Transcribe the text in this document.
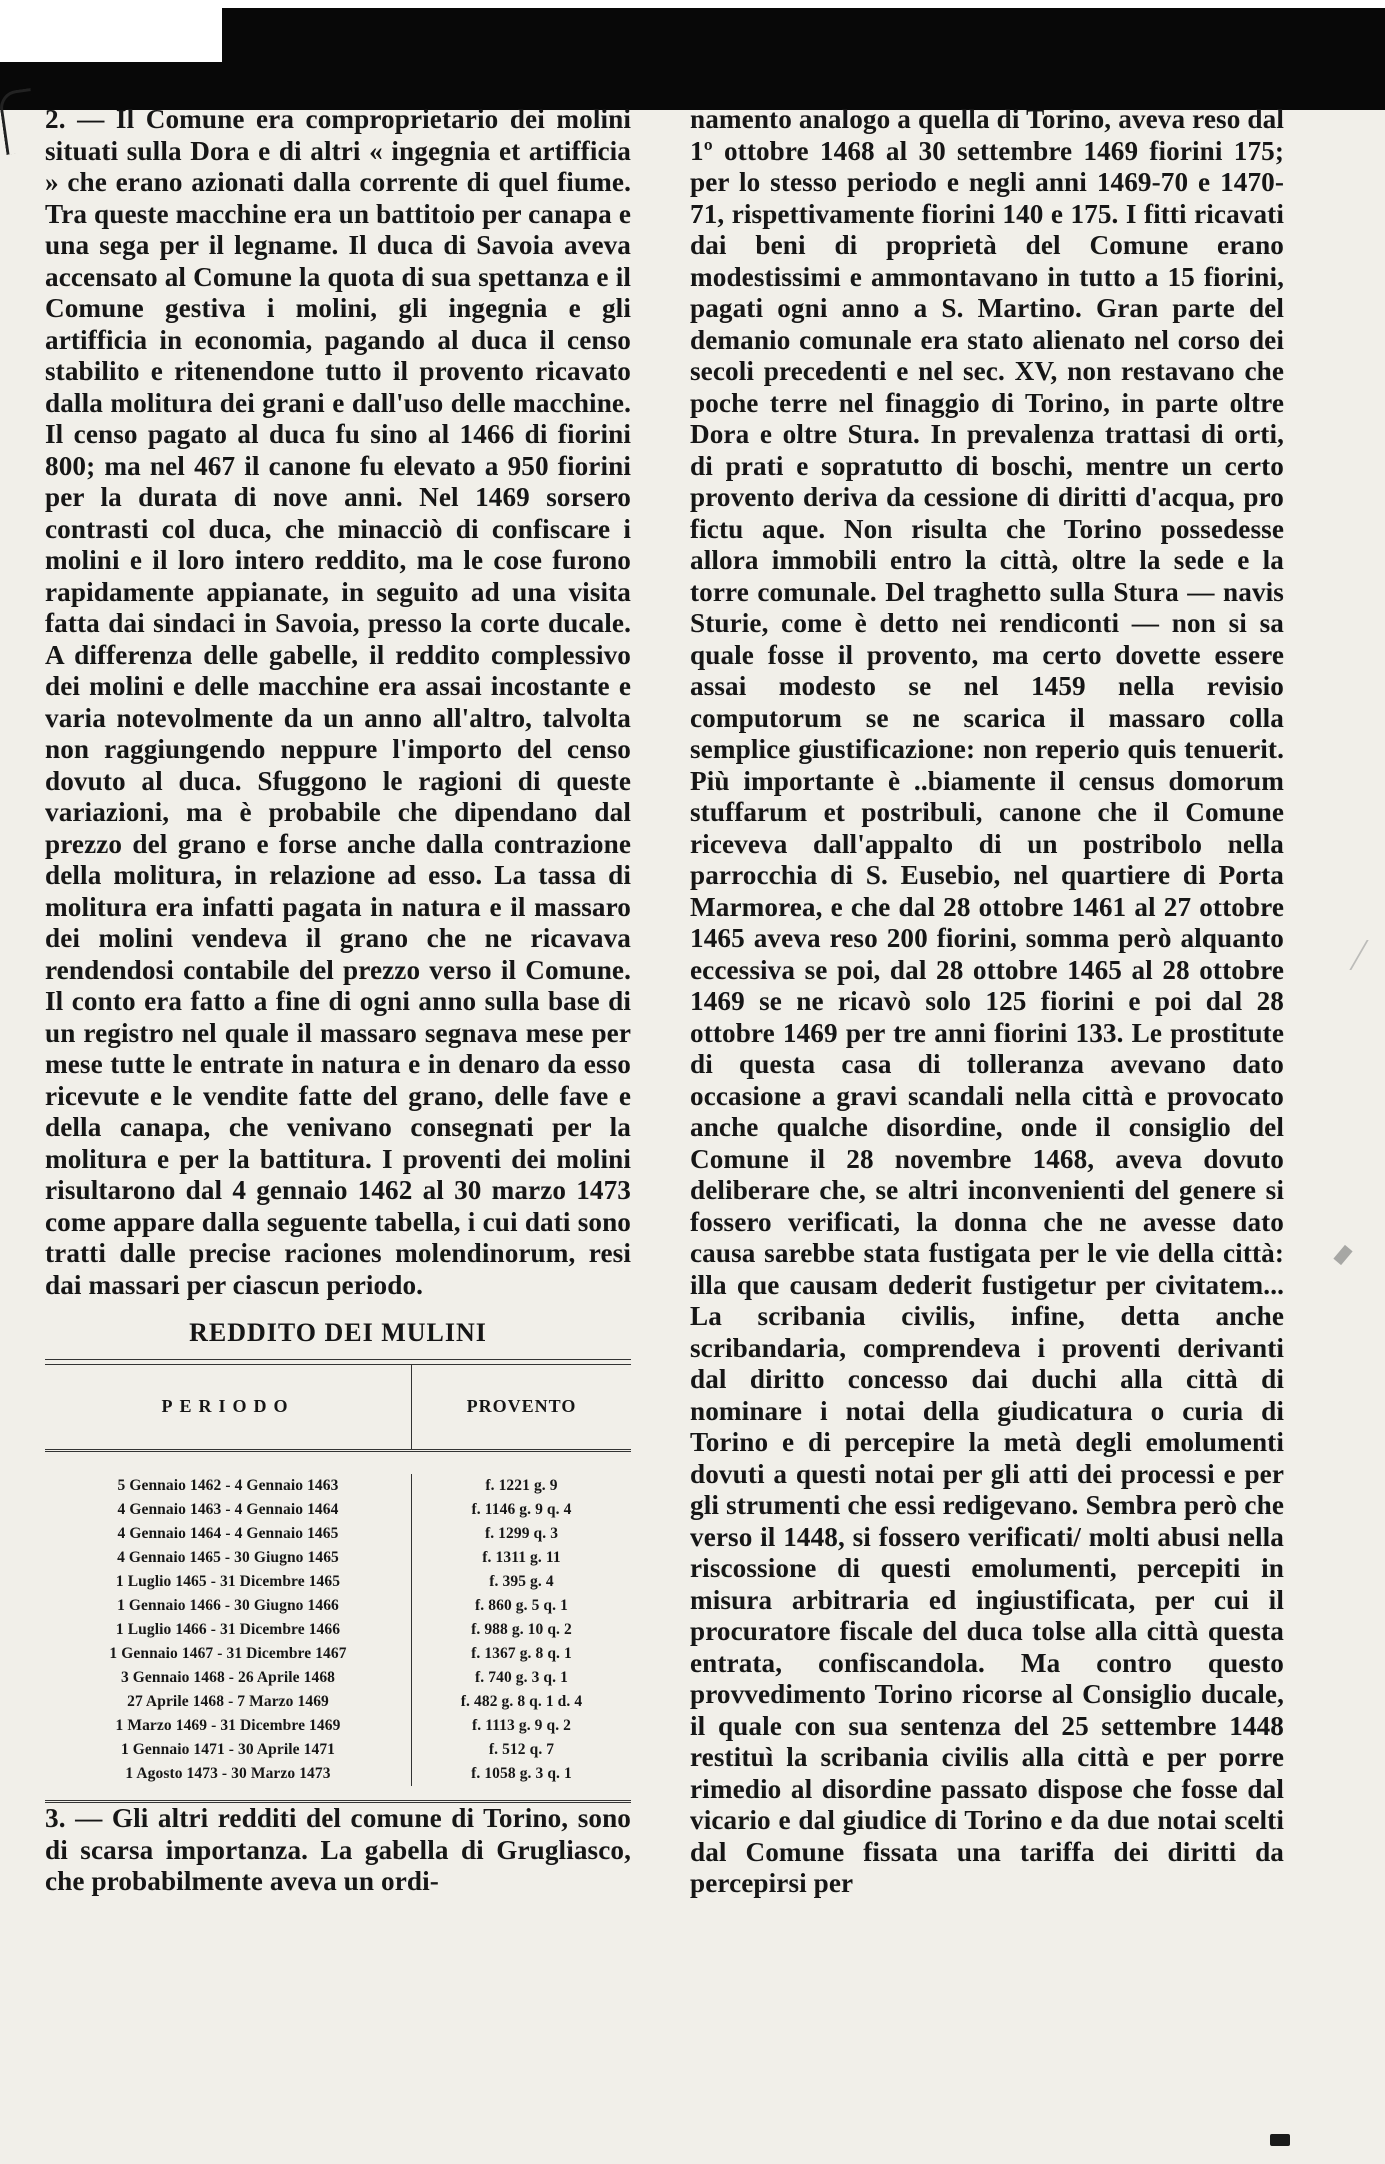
2. — Il Comune era comproprietario dei molini situati sulla Dora e di altri « ingegnia et artifficia » che erano azionati dalla corrente di quel fiume. Tra queste macchine era un battitoio per canapa e una sega per il legname. Il duca di Savoia aveva accensato al Comune la quota di sua spettanza e il Comune gestiva i molini, gli ingegnia e gli artifficia in economia, pagando al duca il censo stabilito e ritenendone tutto il provento ricavato dalla molitura dei grani e dall'uso delle macchine. Il censo pagato al duca fu sino al 1466 di fiorini 800; ma nel 467 il canone fu elevato a 950 fiorini per la durata di nove anni. Nel 1469 sorsero contrasti col duca, che minacciò di confiscare i molini e il loro intero reddito, ma le cose furono rapidamente appianate, in seguito ad una visita fatta dai sindaci in Savoia, presso la corte ducale. A differenza delle gabelle, il reddito complessivo dei molini e delle macchine era assai incostante e varia notevolmente da un anno all'altro, talvolta non raggiungendo neppure l'importo del censo dovuto al duca. Sfuggono le ragioni di queste variazioni, ma è probabile che dipendano dal prezzo del grano e forse anche dalla contrazione della molitura, in relazione ad esso. La tassa di molitura era infatti pagata in natura e il massaro dei molini vendeva il grano che ne ricavava rendendosi contabile del prezzo verso il Comune. Il conto era fatto a fine di ogni anno sulla base di un registro nel quale il massaro segnava mese per mese tutte le entrate in natura e in denaro da esso ricevute e le vendite fatte del grano, delle fave e della canapa, che venivano consegnati per la molitura e per la battitura. I proventi dei molini risultarono dal 4 gennaio 1462 al 30 marzo 1473 come appare dalla seguente tabella, i cui dati sono tratti dalle precise raciones molendinorum, resi dai massari per ciascun periodo.

REDDITO DEI MULINI
PERIODO	PROVENTO
5 Gennaio 1462 - 4 Gennaio 1463
4 Gennaio 1463 - 4 Gennaio 1464
4 Gennaio 1464 - 4 Gennaio 1465
4 Gennaio 1465 - 30 Giugno 1465
1 Luglio 1465 - 31 Dicembre 1465
1 Gennaio 1466 - 30 Giugno 1466
1 Luglio 1466 - 31 Dicembre 1466
1 Gennaio 1467 - 31 Dicembre 1467
3 Gennaio 1468 - 26 Aprile 1468
27 Aprile 1468 - 7 Marzo 1469
1 Marzo 1469 - 31 Dicembre 1469
1 Gennaio 1471 - 30 Aprile 1471
1 Agosto 1473 - 30 Marzo 1473
f. 1221 g. 9
f. 1146 g. 9 q. 4
f. 1299 q. 3
f. 1311 g. 11
f. 395 g. 4
f. 860 g. 5 q. 1
f. 988 g. 10 q. 2
f. 1367 g. 8 q. 1
f. 740 g. 3 q. 1
f. 482 g. 8 q. 1 d. 4
f. 1113 g. 9 q. 2
f. 512 q. 7
f. 1058 g. 3 q. 1

3. — Gli altri redditi del comune di Torino, sono di scarsa importanza. La gabella di Grugliasco, che probabilmente aveva un ordi-

namento analogo a quella di Torino, aveva reso dal 1º ottobre 1468 al 30 settembre 1469 fiorini 175; per lo stesso periodo e negli anni 1469-70 e 1470-71, rispettivamente fiorini 140 e 175. I fitti ricavati dai beni di proprietà del Comune erano modestissimi e ammontavano in tutto a 15 fiorini, pagati ogni anno a S. Martino. Gran parte del demanio comunale era stato alienato nel corso dei secoli precedenti e nel sec. XV, non restavano che poche terre nel finaggio di Torino, in parte oltre Dora e oltre Stura. In prevalenza trattasi di orti, di prati e sopratutto di boschi, mentre un certo provento deriva da cessione di diritti d'acqua, pro fictu aque. Non risulta che Torino possedesse allora immobili entro la città, oltre la sede e la torre comunale. Del traghetto sulla Stura — navis Sturie, come è detto nei rendiconti — non si sa quale fosse il provento, ma certo dovette essere assai modesto se nel 1459 nella revisio computorum se ne scarica il massaro colla semplice giustificazione: non reperio quis tenuerit. Più importante è ..biamente il census domorum stuffarum et postribuli, canone che il Comune riceveva dall'appalto di un postribolo nella parrocchia di S. Eusebio, nel quartiere di Porta Marmorea, e che dal 28 ottobre 1461 al 27 ottobre 1465 aveva reso 200 fiorini, somma però alquanto eccessiva se poi, dal 28 ottobre 1465 al 28 ottobre 1469 se ne ricavò solo 125 fiorini e poi dal 28 ottobre 1469 per tre anni fiorini 133. Le prostitute di questa casa di tolleranza avevano dato occasione a gravi scandali nella città e provocato anche qualche disordine, onde il consiglio del Comune il 28 novembre 1468, aveva dovuto deliberare che, se altri inconvenienti del genere si fossero verificati, la donna che ne avesse dato causa sarebbe stata fustigata per le vie della città: illa que causam dederit fustigetur per civitatem... La scribania civilis, infine, detta anche scribandaria, comprendeva i proventi derivanti dal diritto concesso dai duchi alla città di nominare i notai della giudicatura o curia di Torino e di percepire la metà degli emolumenti dovuti a questi notai per gli atti dei processi e per gli strumenti che essi redigevano. Sembra però che verso il 1448, si fossero verificati/ molti abusi nella riscossione di questi emolumenti, percepiti in misura arbitraria ed ingiustificata, per cui il procuratore fiscale del duca tolse alla città questa entrata, confiscandola. Ma contro questo provvedimento Torino ricorse al Consiglio ducale, il quale con sua sentenza del 25 settembre 1448 restituì la scribania civilis alla città e per porre rimedio al disordine passato dispose che fosse dal vicario e dal giudice di Torino e da due notai scelti dal Comune fissata una tariffa dei diritti da percepirsi per
